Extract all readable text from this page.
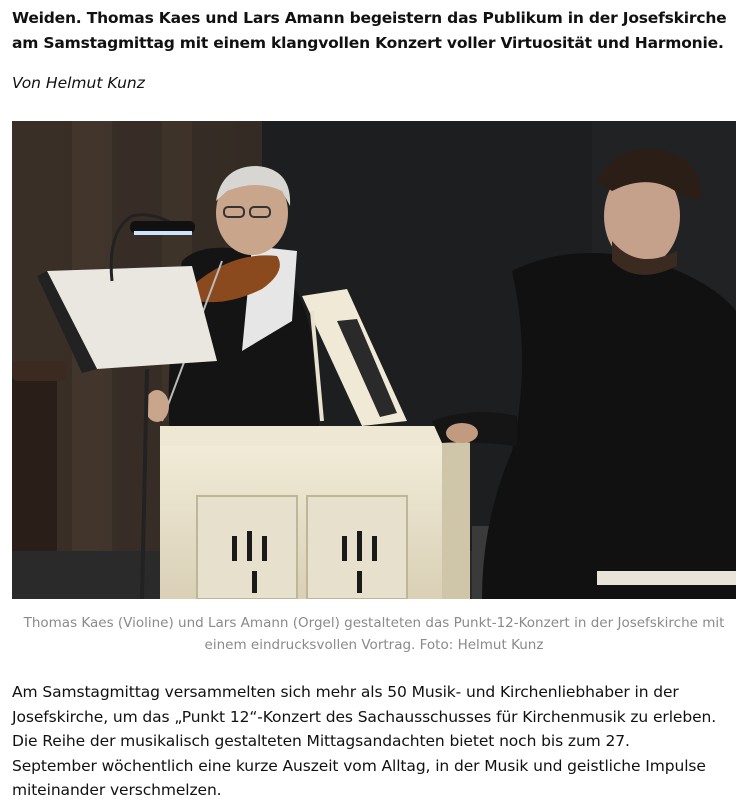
Weiden. Thomas Kaes und Lars Amann begeistern das Publikum in der Josefskirche am Samstagmittag mit einem klangvollen Konzert voller Virtuosität und Harmonie.

Von Helmut Kunz

Thomas Kaes (Violine) und Lars Amann (Orgel) gestalteten das Punkt-12-Konzert in der Josefskirche mit einem eindrucksvollen Vortrag. Foto: Helmut Kunz

Am Samstagmittag versammelten sich mehr als 50 Musik- und Kirchenliebhaber in der Josefskirche, um das „Punkt 12“-Konzert des Sachausschusses für Kirchenmusik zu erleben. Die Reihe der musikalisch gestalteten Mittagsandachten bietet noch bis zum 27.
September wöchentlich eine kurze Auszeit vom Alltag, in der Musik und geistliche Impulse miteinander verschmelzen.
